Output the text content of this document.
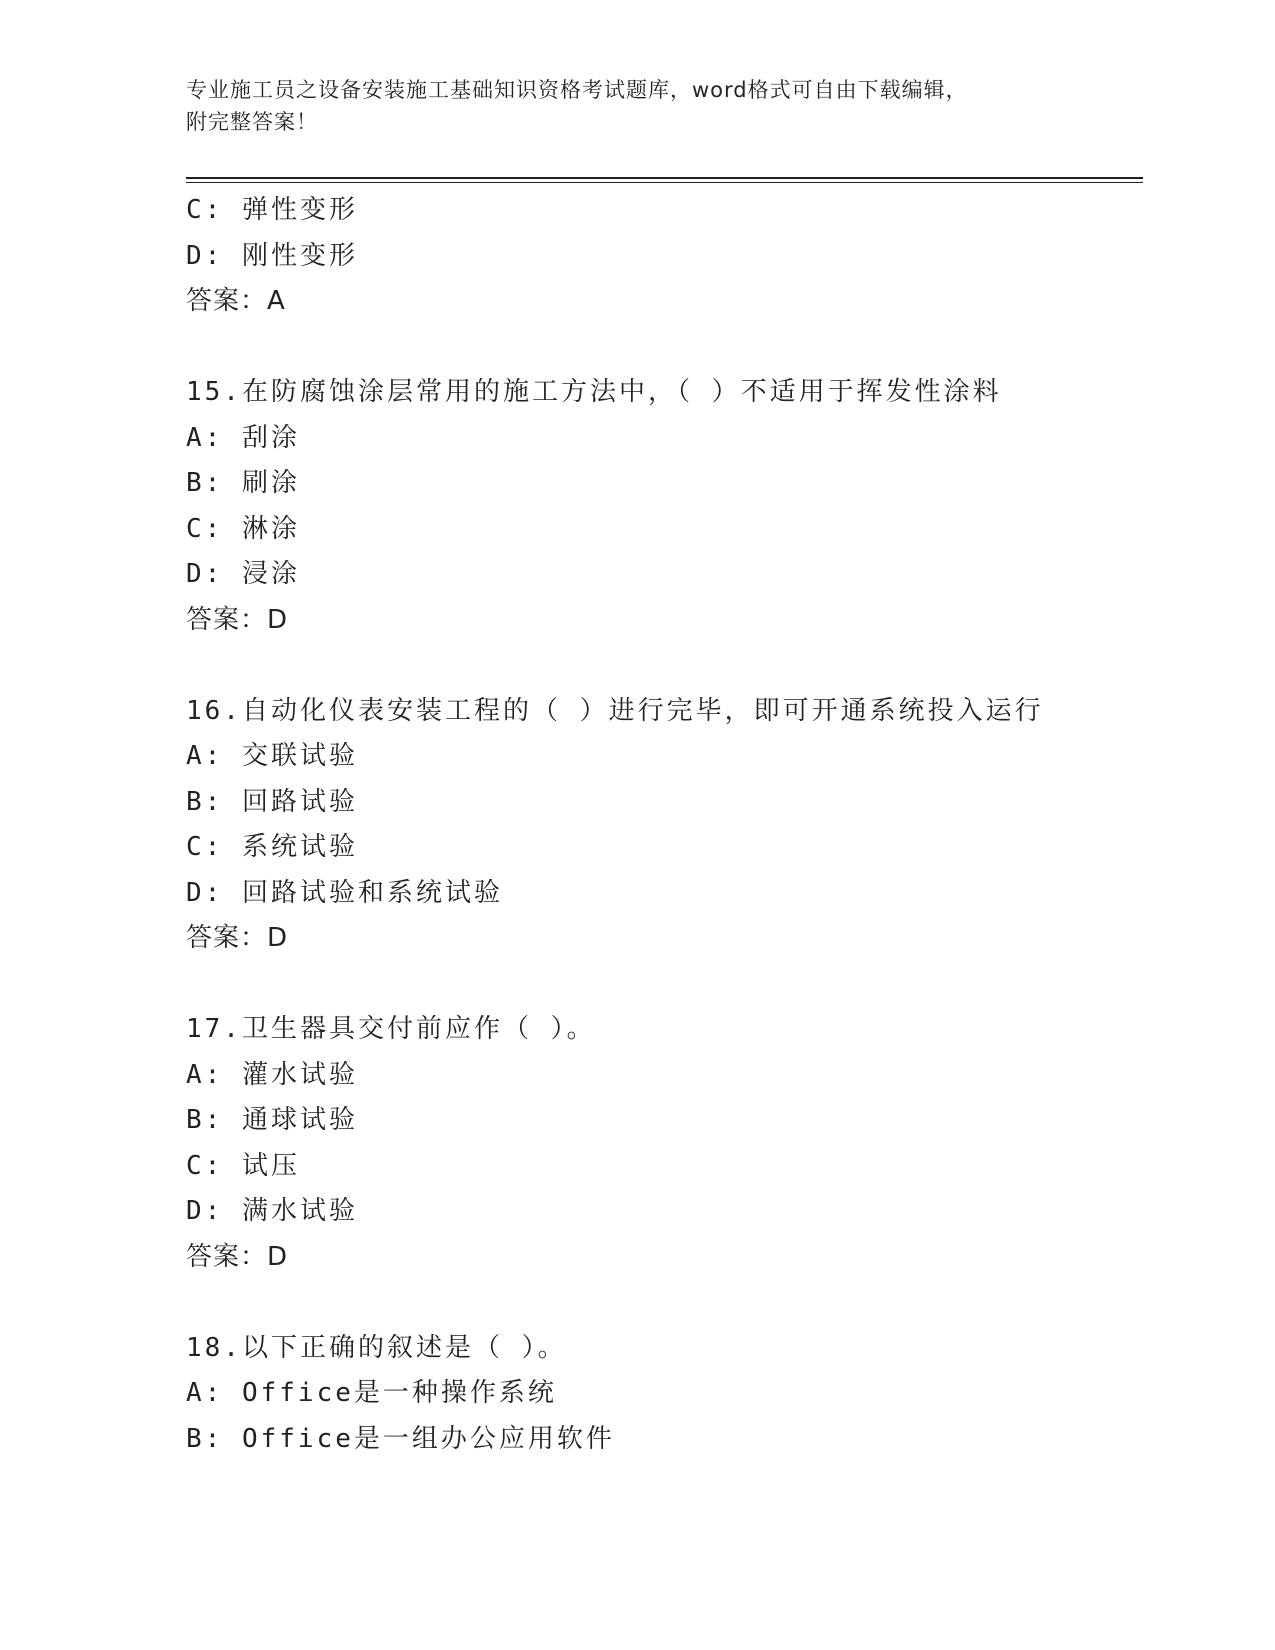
专业施工员之设备安装施工基础知识资格考试题库，word格式可自由下载编辑，
附完整答案！
C: 弹性变形
D: 刚性变形
答案：A
15.在防腐蚀涂层常用的施工方法中，（ ）不适用于挥发性涂料
A: 刮涂
B: 刷涂
C: 淋涂
D: 浸涂
答案：D
16.自动化仪表安装工程的（ ）进行完毕，即可开通系统投入运行
A: 交联试验
B: 回路试验
C: 系统试验
D: 回路试验和系统试验
答案：D
17.卫生器具交付前应作（ ）。
A: 灌水试验
B: 通球试验
C: 试压
D: 满水试验
答案：D
18.以下正确的叙述是（ ）。
A: Office是一种操作系统
B: Office是一组办公应用软件
